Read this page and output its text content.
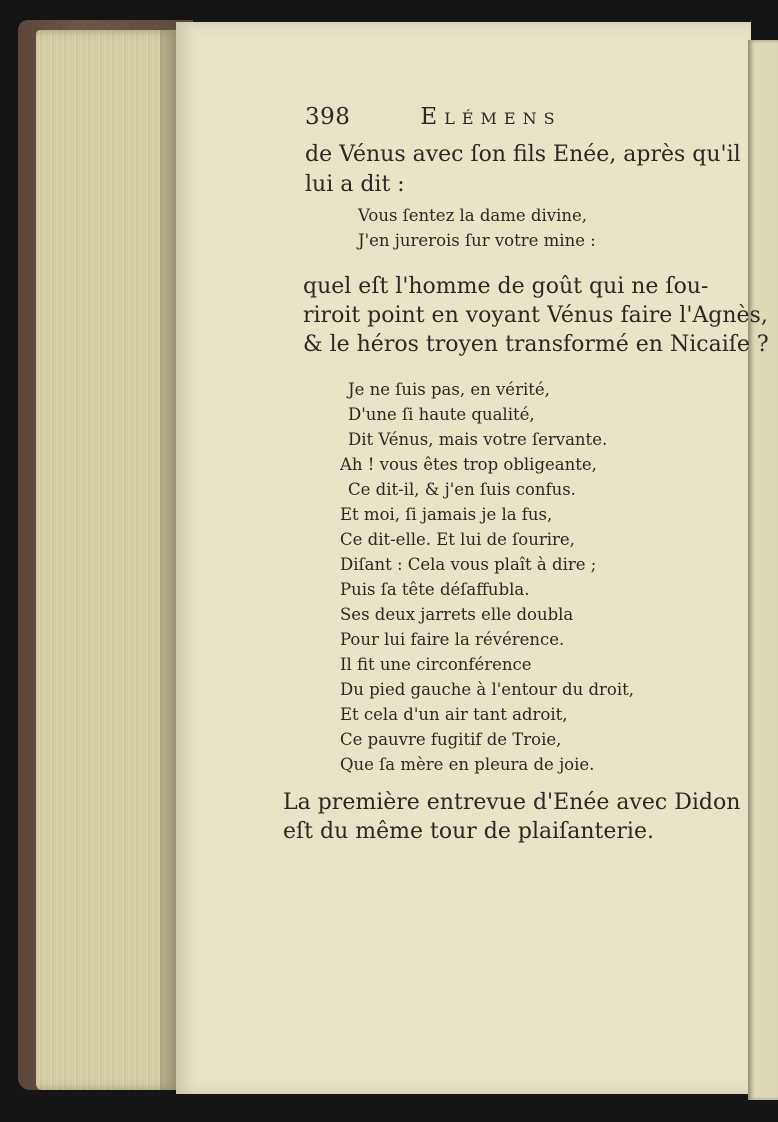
398	Elémens
de Vénus avec ſon fils Enée, après qu'il
lui a dit :
Vous ſentez la dame divine,
J'en jurerois ſur votre mine :
quel eſt l'homme de goût qui ne ſou-
riroit point en voyant Vénus faire l'Agnès,
& le héros troyen transformé en Nicaiſe ?
Je ne ſuis pas, en vérité,
D'une ſi haute qualité,
Dit Vénus, mais votre ſervante.
Ah ! vous êtes trop obligeante,
Ce dit-il, & j'en ſuis confus.
Et moi, ſi jamais je la fus,
Ce dit-elle. Et lui de ſourire,
Diſant : Cela vous plaît à dire ;
Puis ſa tête déſaffubla.
Ses deux jarrets elle doubla
Pour lui faire la révérence.
Il fit une circonférence
Du pied gauche à l'entour du droit,
Et cela d'un air tant adroit,
Ce pauvre fugitif de Troie,
Que ſa mère en pleura de joie.
La première entrevue d'Enée avec Didon
eſt du même tour de plaiſanterie.
